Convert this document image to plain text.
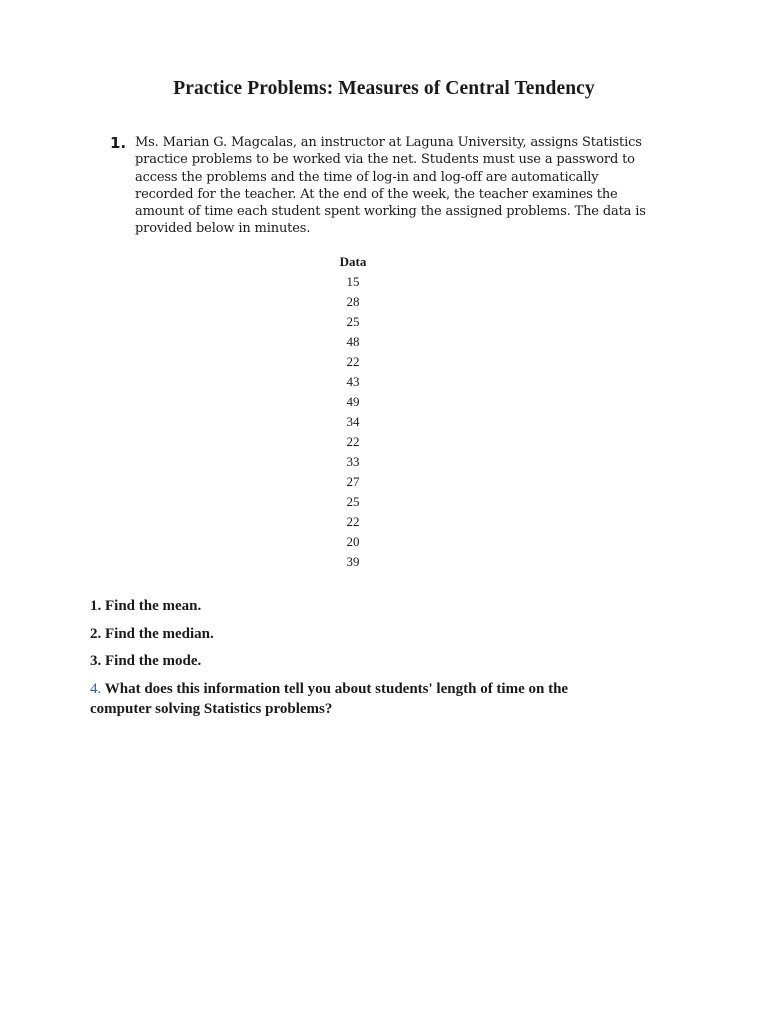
Practice Problems: Measures of Central Tendency
1. Ms. Marian G. Magcalas, an instructor at Laguna University, assigns Statistics
practice problems to be worked via the net. Students must use a password to
access the problems and the time of log-in and log-off are automatically
recorded for the teacher. At the end of the week, the teacher examines the
amount of time each student spent working the assigned problems. The data is
provided below in minutes.
Data
15
28
25
48
22
43
49
34
22
33
27
25
22
20
39
1. Find the mean.
2. Find the median.
3. Find the mode.
4. What does this information tell you about students' length of time on the
computer solving Statistics problems?
